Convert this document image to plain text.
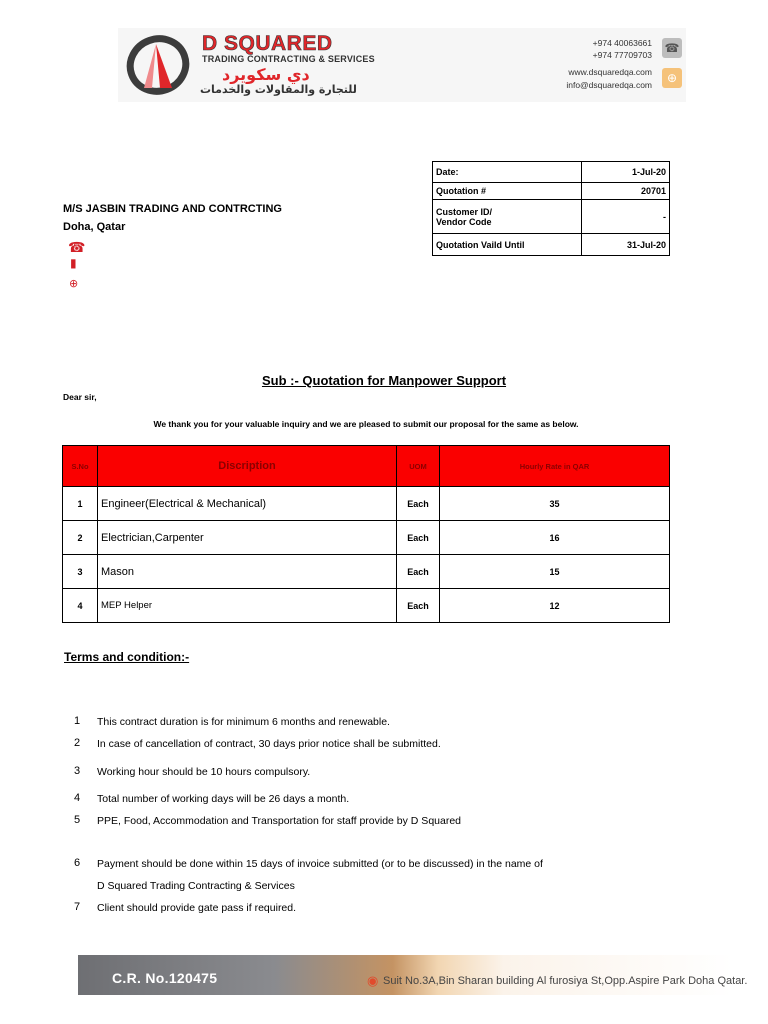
D SQUARED
TRADING CONTRACTING & SERVICES
دي سكويرد
للتجارة والمقاولات والخدمات
+974 40063661
+974 77709703
www.dsquaredqa.com
info@dsquaredqa.com
☎
⊕
M/S JASBIN TRADING AND CONTRCTING
Doha, Qatar
☎
▮
⊕
Date:	1-Jul-20
Quotation #	20701

Customer ID/
Vendor Code	-
Quotation Vaild Until	31-Jul-20
Sub :- Quotation for Manpower Support
Dear sir,
We thank you for your valuable inquiry and we are pleased to submit our proposal for the same as below.
S.No	Discription	UOM	Hourly Rate in QAR
1	Engineer(Electrical & Mechanical)	Each	35
2	Electrician,Carpenter	Each	16
3	Mason	Each	15
4	MEP Helper	Each	12
Terms and condition:-
1 This contract duration is for minimum 6 months and renewable.
2 In case of cancellation of contract, 30 days prior notice shall be submitted.
3 Working hour should be 10 hours compulsory.
4 Total number of working days will be 26 days a month.
5 PPE, Food, Accommodation and Transportation for staff provide by D Squared
6 Payment should be done within 15 days of invoice submitted (or to be discussed) in the name of
D Squared Trading Contracting & Services
7 Client should provide gate pass if required.
C.R. No.120475	◉ Suit No.3A,Bin Sharan building Al furosiya St,Opp.Aspire Park Doha Qatar.
